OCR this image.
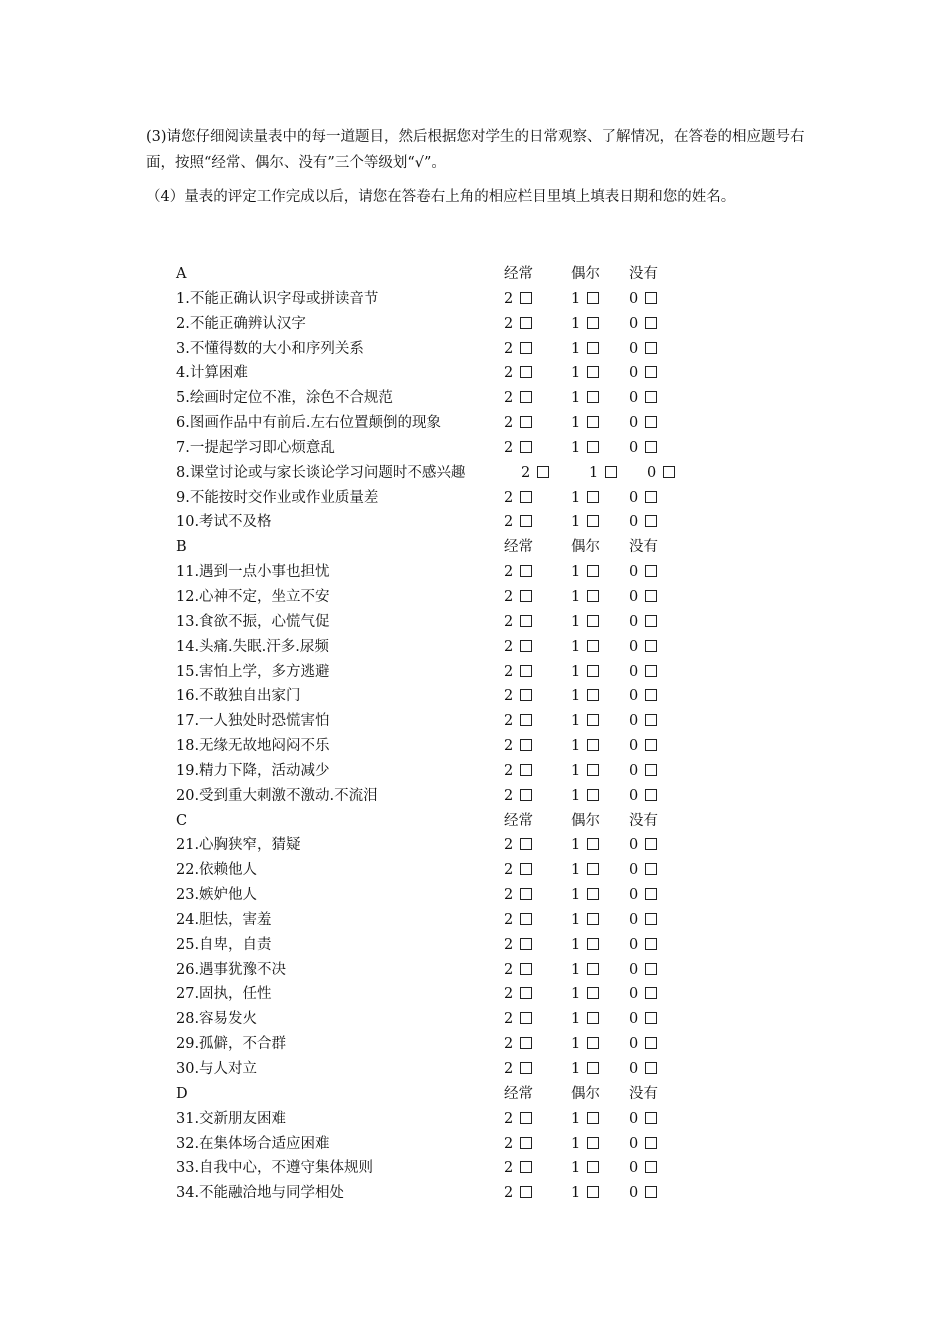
(3)请您仔细阅读量表中的每一道题目，然后根据您对学生的日常观察、了解情况，在答卷的相应题号右面，按照“经常、偶尔、没有”三个等级划“√”。

（4）量表的评定工作完成以后，请您在答卷右上角的相应栏目里填上填表日期和您的姓名。

A	经常	偶尔 没有
1.不能正确认识字母或拼读音节	2	1	0
2.不能正确辨认汉字	2	1	0
3.不懂得数的大小和序列关系	2	1	0
4.计算困难	2	1	0
5.绘画时定位不准，涂色不合规范	2	1	0
6.图画作品中有前后.左右位置颠倒的现象	2	1	0
7.一提起学习即心烦意乱	2	1	0
8.课堂讨论或与家长谈论学习问题时不感兴趣	2	1	0
9.不能按时交作业或作业质量差	2	1	0
10.考试不及格	2	1	0
B	经常	偶尔 没有
11.遇到一点小事也担忧	2	1	0
12.心神不定，坐立不安	2	1	0
13.食欲不振，心慌气促	2	1	0
14.头痛.失眠.汗多.尿频	2	1	0
15.害怕上学，多方逃避	2	1	0
16.不敢独自出家门	2	1	0
17.一人独处时恐慌害怕	2	1	0
18.无缘无故地闷闷不乐	2	1	0
19.精力下降，活动减少	2	1	0
20.受到重大刺激不激动.不流泪	2	1	0
C	经常	偶尔 没有
21.心胸狭窄，猜疑	2	1	0
22.依赖他人	2	1	0
23.嫉妒他人	2	1	0
24.胆怯，害羞	2	1	0
25.自卑，自责	2	1	0
26.遇事犹豫不决	2	1	0
27.固执，任性	2	1	0
28.容易发火	2	1	0
29.孤僻，不合群	2	1	0
30.与人对立	2	1	0
D	经常	偶尔 没有
31.交新朋友困难	2	1	0
32.在集体场合适应困难	2	1	0
33.自我中心，不遵守集体规则	2	1	0
34.不能融洽地与同学相处	2	1	0
